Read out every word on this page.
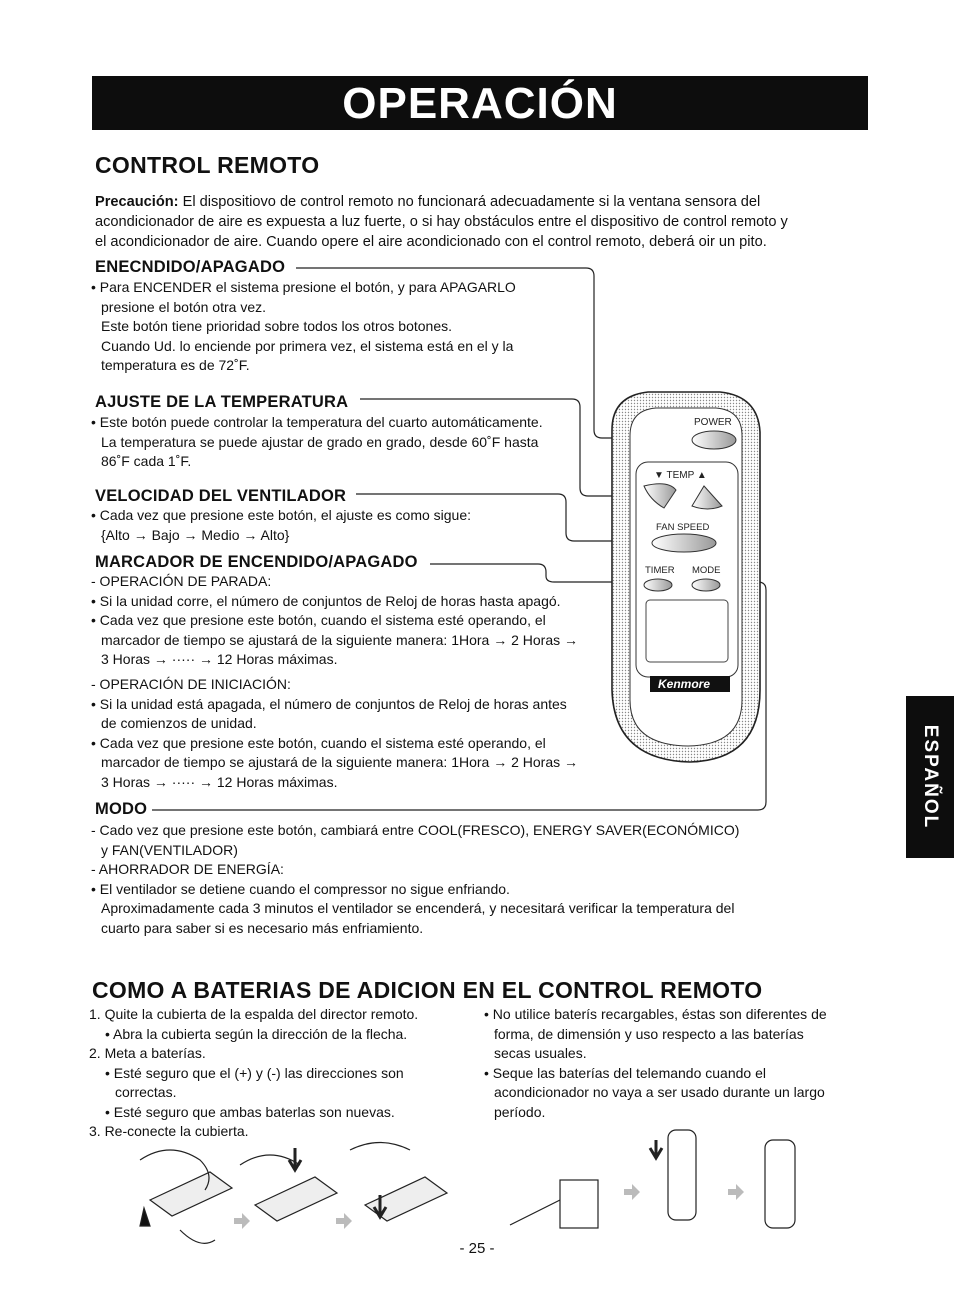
OPERACIÓN
CONTROL REMOTO

Precaución: El dispositiovo de control remoto no funcionará adecuadamente si la ventana sensora del

acondicionador de aire es expuesta a luz fuerte, o si hay obstáculos entre el dispositivo de control remoto y

el acondicionador de aire. Cuando opere el aire acondicionado con el control remoto, deberá oir un pito.

ENECNDIDO/APAGADO

• Para ENCENDER el sistema presione el botón, y para APAGARLO

presione el botón otra vez.

Este botón tiene prioridad sobre todos los otros botones.

Cuando Ud. lo enciende por primera vez, el sistema está en el y la

temperatura es de 72˚F.

AJUSTE DE LA TEMPERATURA

• Este botón puede controlar la temperatura del cuarto automáticamente.

La temperatura se puede ajustar de grado en grado, desde 60˚F hasta

86˚F cada 1˚F.

VELOCIDAD DEL VENTILADOR

• Cada vez que presione este botón, el ajuste es como sigue:

{Alto → Bajo → Medio → Alto}

MARCADOR DE ENCENDIDO/APAGADO

- OPERACIÓN DE PARADA:

• Si la unidad corre, el número de conjuntos de Reloj de horas hasta apagó.

• Cada vez que presione este botón, cuando el sistema esté operando, el

marcador de tiempo se ajustará de la siguiente manera: 1Hora → 2 Horas →

3 Horas → ····· → 12 Horas máximas.

- OPERACIÓN DE INICIACIÓN:

• Si la unidad está apagada, el número de conjuntos de Reloj de horas antes

de comienzos de unidad.

• Cada vez que presione este botón, cuando el sistema esté operando, el

marcador de tiempo se ajustará de la siguiente manera: 1Hora → 2 Horas →

3 Horas → ····· → 12 Horas máximas.

MODO

- Cado vez que presione este botón, cambiará entre COOL(FRESCO), ENERGY SAVER(ECONÓMICO)

y FAN(VENTILADOR)

- AHORRADOR DE ENERGÍA:

• El ventilador se detiene cuando el compressor no sigue enfriando.

Aproximadamente cada 3 minutos el ventilador se encenderá, y necesitará verificar la temperatura del

cuarto para saber si es necesario más enfriamiento.

POWER
▼ TEMP ▲
FAN SPEED
TIMER MODE
Kenmore
COMO A BATERIAS DE ADICION EN EL CONTROL REMOTO

1. Quite la cubierta de la espalda del director remoto.

• Abra la cubierta según la dirección de la flecha.

2. Meta a baterías.

• Esté seguro que el (+) y (-) las direcciones son

correctas.

• Esté seguro que ambas baterlas son nuevas.

3. Re-conecte la cubierta.

• No utilice baterís recargables, éstas son diferentes de

forma, de dimensión y uso respecto a las baterías

secas usuales.

• Seque las baterías del telemando cuando el

acondicionador no vaya a ser usado durante un largo

período.

ESPAÑOL
- 25 -
